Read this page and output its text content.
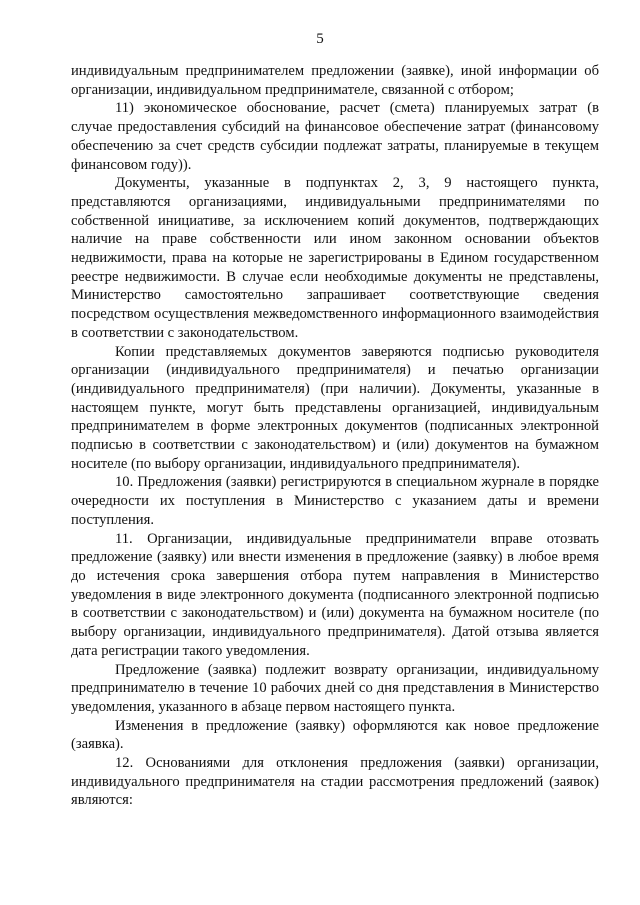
5

индивидуальным предпринимателем предложении (заявке), иной информации об организации, индивидуальном предпринимателе, связанной с отбором;

11) экономическое обоснование, расчет (смета) планируемых затрат (в случае предоставления субсидий на финансовое обеспечение затрат (финансовому обеспечению за счет средств субсидии подлежат затраты, планируемые в текущем финансовом году)).

Документы, указанные в подпунктах 2, 3, 9 настоящего пункта, представляются организациями, индивидуальными предпринимателями по собственной инициативе, за исключением копий документов, подтверждающих наличие на праве собственности или ином законном основании объектов недвижимости, права на которые не зарегистрированы в Едином государственном реестре недвижимости. В случае если необходимые документы не представлены, Министерство самостоятельно запрашивает соответствующие сведения посредством осуществления межведомственного информационного взаимодействия в соответствии с законодательством.

Копии представляемых документов заверяются подписью руководителя организации (индивидуального предпринимателя) и печатью организации (индивидуального предпринимателя) (при наличии). Документы, указанные в настоящем пункте, могут быть представлены организацией, индивидуальным предпринимателем в форме электронных документов (подписанных электронной подписью в соответствии с законодательством) и (или) документов на бумажном носителе (по выбору организации, индивидуального предпринимателя).

10. Предложения (заявки) регистрируются в специальном журнале в порядке очередности их поступления в Министерство с указанием даты и времени поступления.

11. Организации, индивидуальные предприниматели вправе отозвать предложение (заявку) или внести изменения в предложение (заявку) в любое время до истечения срока завершения отбора путем направления в Министерство уведомления в виде электронного документа (подписанного электронной подписью в соответствии с законодательством) и (или) документа на бумажном носителе (по выбору организации, индивидуального предпринимателя). Датой отзыва является дата регистрации такого уведомления.

Предложение (заявка) подлежит возврату организации, индивидуальному предпринимателю в течение 10 рабочих дней со дня представления в Министерство уведомления, указанного в абзаце первом настоящего пункта.

Изменения в предложение (заявку) оформляются как новое предложение (заявка).

12. Основаниями для отклонения предложения (заявки) организации, индивидуального предпринимателя на стадии рассмотрения предложений (заявок) являются:
